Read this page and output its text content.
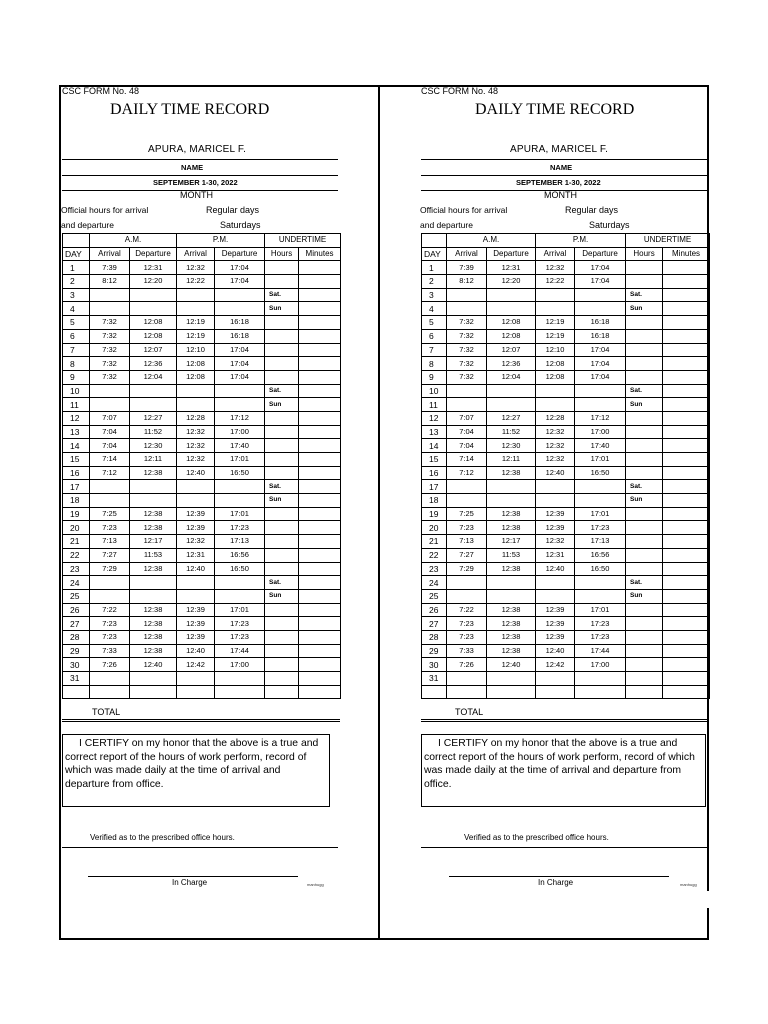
CSC FORM No. 48
DAILY TIME RECORD
APURA, MARICEL F.
NAME
SEPTEMBER 1-30, 2022
MONTH
Official hours for arrival	Regular days
and departure	Saturdays
	A.M.		P.M.		UNDERTIME	
DAY	Arrival	Departure	Arrival	Departure	Hours	Minutes
1	7:39	12:31	12:32	17:04		
2	8:12	12:20	12:22	17:04		
3					Sat.	
4					Sun	
5	7:32	12:08	12:19	16:18		
6	7:32	12:08	12:19	16:18		
7	7:32	12:07	12:10	17:04		
8	7:32	12:36	12:08	17:04		
9	7:32	12:04	12:08	17:04		
10					Sat.	
11					Sun	
12	7:07	12:27	12:28	17:12		
13	7:04	11:52	12:32	17:00		
14	7:04	12:30	12:32	17:40		
15	7:14	12:11	12:32	17:01		
16	7:12	12:38	12:40	16:50		
17					Sat.	
18					Sun	
19	7:25	12:38	12:39	17:01		
20	7:23	12:38	12:39	17:23		
21	7:13	12:17	12:32	17:13		
22	7:27	11:53	12:31	16:56		
23	7:29	12:38	12:40	16:50		
24					Sat.	
25					Sun	
26	7:22	12:38	12:39	17:01		
27	7:23	12:38	12:39	17:23		
28	7:23	12:38	12:39	17:23		
29	7:33	12:38	12:40	17:44		
30	7:26	12:40	12:42	17:00		
31						

TOTAL
I CERTIFY on my honor that the above is a true and correct report of the hours of work perform, record of which was made daily at the time of arrival and departure from office.
Verified as to the prescribed office hours.
In Charge	manhugg
CSC FORM No. 48
DAILY TIME RECORD
APURA, MARICEL F.
NAME
SEPTEMBER 1-30, 2022
MONTH
Official hours for arrival	Regular days
and departure	Saturdays
	A.M.		P.M.		UNDERTIME	
DAY	Arrival	Departure	Arrival	Departure	Hours	Minutes
1	7:39	12:31	12:32	17:04		
2	8:12	12:20	12:22	17:04		
3					Sat.	
4					Sun	
5	7:32	12:08	12:19	16:18		
6	7:32	12:08	12:19	16:18		
7	7:32	12:07	12:10	17:04		
8	7:32	12:36	12:08	17:04		
9	7:32	12:04	12:08	17:04		
10					Sat.	
11					Sun	
12	7:07	12:27	12:28	17:12		
13	7:04	11:52	12:32	17:00		
14	7:04	12:30	12:32	17:40		
15	7:14	12:11	12:32	17:01		
16	7:12	12:38	12:40	16:50		
17					Sat.	
18					Sun	
19	7:25	12:38	12:39	17:01		
20	7:23	12:38	12:39	17:23		
21	7:13	12:17	12:32	17:13		
22	7:27	11:53	12:31	16:56		
23	7:29	12:38	12:40	16:50		
24					Sat.	
25					Sun	
26	7:22	12:38	12:39	17:01		
27	7:23	12:38	12:39	17:23		
28	7:23	12:38	12:39	17:23		
29	7:33	12:38	12:40	17:44		
30	7:26	12:40	12:42	17:00		
31						

TOTAL
I CERTIFY on my honor that the above is a true and correct report of the hours of work perform, record of which was made daily at the time of arrival and departure from office.
Verified as to the prescribed office hours.
In Charge	manhugg
